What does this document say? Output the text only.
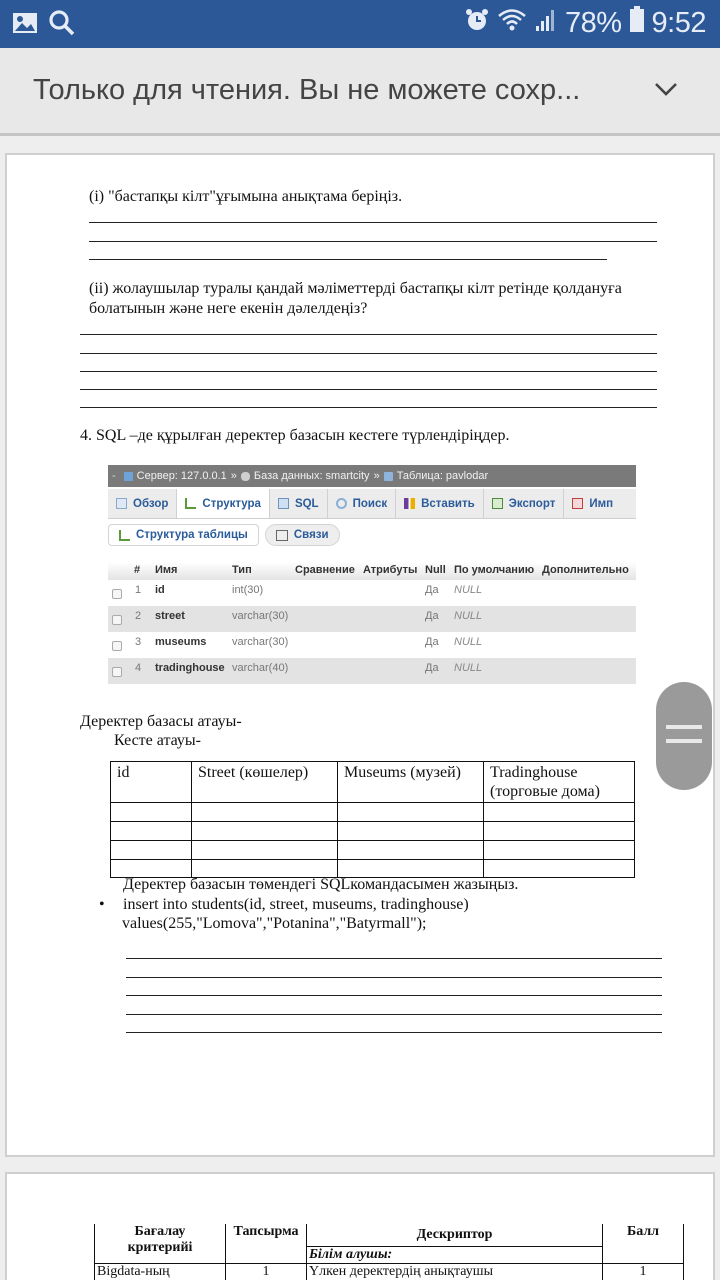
78% 9:52
Только для чтения. Вы не можете сохр...
(і) "бастапқы кілт"ұғымына анықтама беріңіз.
(іі) жолаушылар туралы қандай мәліметтерді бастапқы кілт ретінде қолдануға
болатынын және неге екенін дәлелдеңіз?
4. SQL –де құрылған деректер базасын кестеге түрлендіріңдер.
- Сервер: 127.0.0.1 » База данных: smartcity » Таблица: pavlodar
Обзор	Структура	SQL	Поиск	Вставить	Экспорт	Имп
Структура таблицы	Связи
# Имя	Тип	Сравнение Атрибуты Null По умолчанию Дополнительно
1 id	int(30)	Да NULL
2 street	varchar(30)	Да NULL
3 museums varchar(30)	Да NULL
4 tradinghouse varchar(40)	Да NULL
Деректер базасы атауы-
Кесте атауы-
id	Street (көшелер)	Museums (музей)	Tradinghouse
(торговые дома)

Деректер базасын төмендегі SQLкомандасымен жазыңыз.
• insert into students(id, street, museums, tradinghouse)
values(255,"Lomova","Potanina","Batyrmall");
Бағалау
критерийі	Тапсырма	Дескриптор	Балл
		Білім алушы:	
Bigdata-ның	1	Үлкен деректердің анықтаушы	1
